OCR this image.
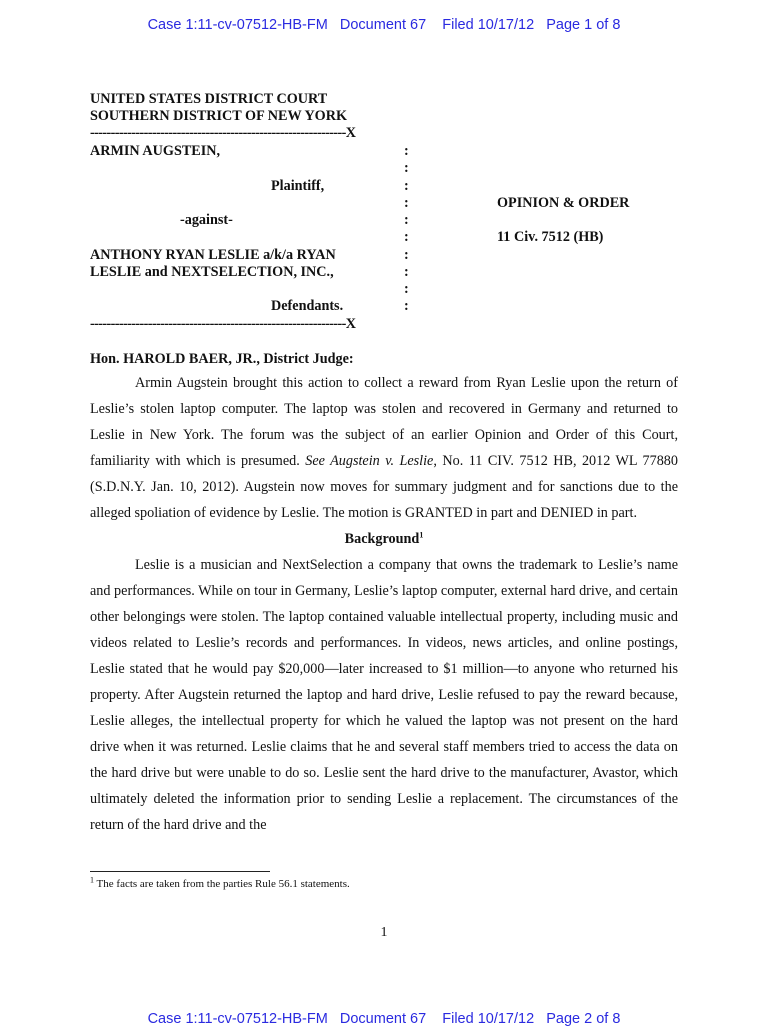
Case 1:11-cv-07512-HB-FM   Document 67    Filed 10/17/12   Page 1 of 8
UNITED STATES DISTRICT COURT
SOUTHERN DISTRICT OF NEW YORK
--------------------------------------------------------------X
ARMIN AUGSTEIN,
Plaintiff,
-against-
ANTHONY RYAN LESLIE a/k/a RYAN
LESLIE and NEXTSELECTION, INC.,
Defendants.
--------------------------------------------------------------X
:
:
:
:
:
:
:
:
:
:
OPINION & ORDER
11 Civ. 7512 (HB)
Hon. HAROLD BAER, JR., District Judge:

Armin Augstein brought this action to collect a reward from Ryan Leslie upon the return of Leslie’s stolen laptop computer. The laptop was stolen and recovered in Germany and returned to Leslie in New York. The forum was the subject of an earlier Opinion and Order of this Court, familiarity with which is presumed. See Augstein v. Leslie, No. 11 CIV. 7512 HB, 2012 WL 77880 (S.D.N.Y. Jan. 10, 2012). Augstein now moves for summary judgment and for sanctions due to the alleged spoliation of evidence by Leslie. The motion is GRANTED in part and DENIED in part.

Background$^1$

Leslie is a musician and NextSelection a company that owns the trademark to Leslie’s name and performances. While on tour in Germany, Leslie’s laptop computer, external hard drive, and certain other belongings were stolen. The laptop contained valuable intellectual property, including music and videos related to Leslie’s records and performances. In videos, news articles, and online postings, Leslie stated that he would pay $20,000—later increased to $1 million—to anyone who returned his property. After Augstein returned the laptop and hard drive, Leslie refused to pay the reward because, Leslie alleges, the intellectual property for which he valued the laptop was not present on the hard drive when it was returned. Leslie claims that he and several staff members tried to access the data on the hard drive but were unable to do so. Leslie sent the hard drive to the manufacturer, Avastor, which ultimately deleted the information prior to sending Leslie a replacement. The circumstances of the return of the hard drive and the

$^1$ The facts are taken from the parties Rule 56.1 statements.
1
Case 1:11-cv-07512-HB-FM   Document 67    Filed 10/17/12   Page 2 of 8
